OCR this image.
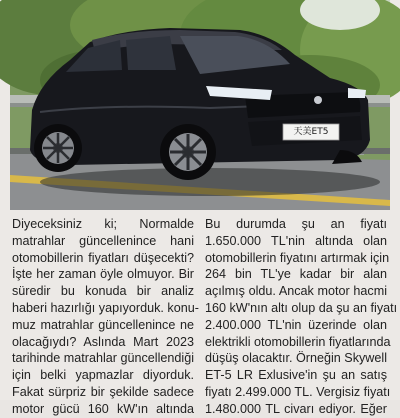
天美ET5
Diyeceksiniz ki; Normalde
matrahlar güncellenince hani
otomobillerin fiyatları düşecekti?
İşte her zaman öyle olmuyor. Bir
süredir bu konuda bir analiz
haberi hazırlığı yapıyorduk. konu-
muz matrahlar güncellenince ne
olacağıydı? Aslında Mart 2023
tarihinde matrahlar güncellendiği
için belki yapmazlar diyorduk.
Fakat sürpriz bir şekilde sadece
motor gücü 160 kW'ın altında
Bu durumda şu an fiyatı
1.650.000 TL'nin altında olan
otomobillerin fiyatını artırmak için
264 bin TL'ye kadar bir alan
açılmış oldu. Ancak motor hacmi
160 kW'nın altı olup da şu an fiyatı
2.400.000 TL'nin üzerinde olan
elektrikli otomobillerin fiyatlarında
düşüş olacaktır. Örneğin Skywell
ET-5 LR Exlusive'in şu an satış
fiyatı 2.499.000 TL. Vergisiz fiyatı
1.480.000 TL civarı ediyor. Eğer
